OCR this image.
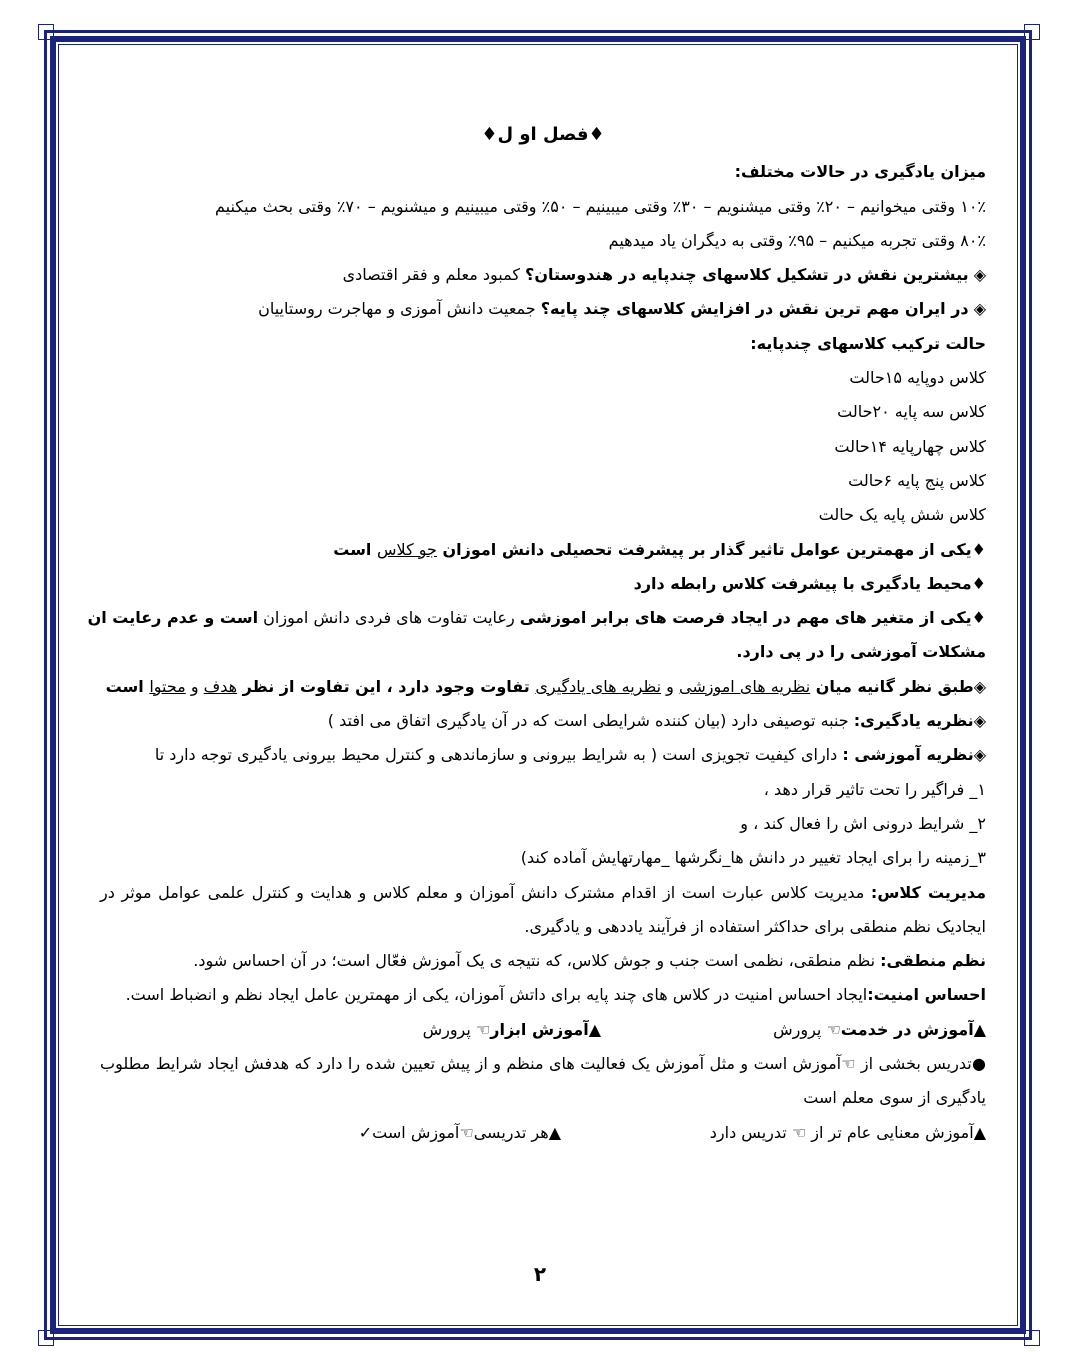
♦فصل او ل♦
میزان یادگیری در حالات مختلف:
۱۰٪ وقتی میخوانیم – ۲۰٪ وقتی میشنویم – ۳۰٪ وقتی میبینیم – ۵۰٪ وقتی میبینیم و میشنویم – ۷۰٪ وقتی بحث میکنیم
۸۰٪ وقتی تجربه میکنیم – ۹۵٪ وقتی به دیگران یاد میدهیم
◈ بیشترین نقش در تشکیل کلاسهای چندپایه در هندوستان؟ کمبود معلم و فقر اقتصادی
◈ در ایران مهم ترین نقش در افزایش کلاسهای چند پایه؟ جمعیت دانش آموزی و مهاجرت روستاییان
حالت ترکیب کلاسهای چندپایه:
کلاس دوپایه ۱۵حالت
کلاس سه پایه ۲۰حالت
کلاس چهارپایه ۱۴حالت
کلاس پنج پایه ۶حالت
کلاس شش پایه یک حالت
♦یکی از مهمترین عوامل تاثیر گذار بر پیشرفت تحصیلی دانش اموزان جو کلاس است
♦محیط یادگیری با پیشرفت کلاس رابطه دارد
♦یکی از متغیر های مهم در ایجاد فرصت های برابر اموزشی رعایت تفاوت های فردی دانش اموزان است و عدم رعایت ان
مشکلات آموزشی را در پی دارد.
◈طبق نظر گانیه میان نظریه های اموزشی و نظریه های یادگیری تفاوت وجود دارد ، این تفاوت از نظر هدف و محتوا است
◈نظریه یادگیری: جنبه توصیفی دارد (بیان کننده شرایطی است که در آن یادگیری اتفاق می افتد )
◈نظریه آموزشی : دارای کیفیت تجویزی است ( به شرایط بیرونی و سازماندهی و کنترل محیط بیرونی یادگیری توجه دارد تا
۱_ فراگیر را تحت تاثیر قرار دهد ،
۲_ شرایط درونی اش را فعال کند ، و
۳_زمینه را برای ایجاد تغییر در دانش ها_نگرشها _مهارتهایش آماده کند)
مدیریت کلاس: مدیریت کلاس عبارت است از اقدام مشترک دانش آموزان و معلم کلاس و هدایت و کنترل علمی عوامل موثر در ایجادیک نظم منطقی برای حداکثر استفاده از فرآیند یاددهی و یادگیری.
نظم منطقی: نظم منطقی، نظمی است جنب و جوش کلاس، که نتیجه ی یک آموزش فعّال است؛ در آن احساس شود.
احساس امنیت:ایجاد احساس امنیت در کلاس های چند پایه برای داتش آموزان، یکی از مهمترین عامل ایجاد نظم و انضباط است.
▲آموزش در خدمت☜ پرورش
▲آموزش ابزار☜ پرورش
●تدریس بخشی از ☜آموزش است و مثل آموزش یک فعالیت های منظم و از پیش تعیین شده را دارد که هدفش ایجاد شرایط مطلوب یادگیری از سوی معلم است
▲آموزش معنایی عام تر از ☜ تدریس دارد
▲هر تدریسی☜آموزش است✓
۲
